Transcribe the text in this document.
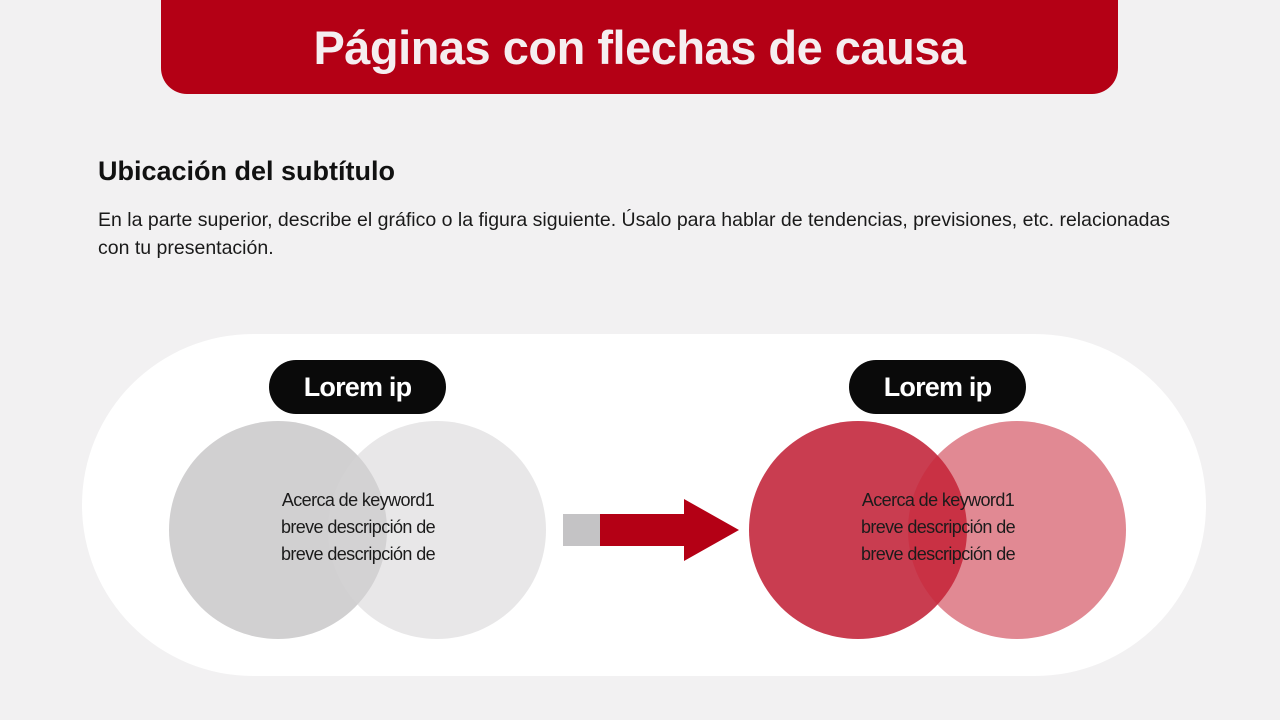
Páginas con flechas de causa
Ubicación del subtítulo

En la parte superior, describe el gráfico o la figura siguiente. Úsalo para hablar de tendencias, previsiones, etc. relacionadas con tu presentación.

Lorem ip
Acerca de keyword1
breve descripción de
breve descripción de
Lorem ip
Acerca de keyword1
breve descripción de
breve descripción de
